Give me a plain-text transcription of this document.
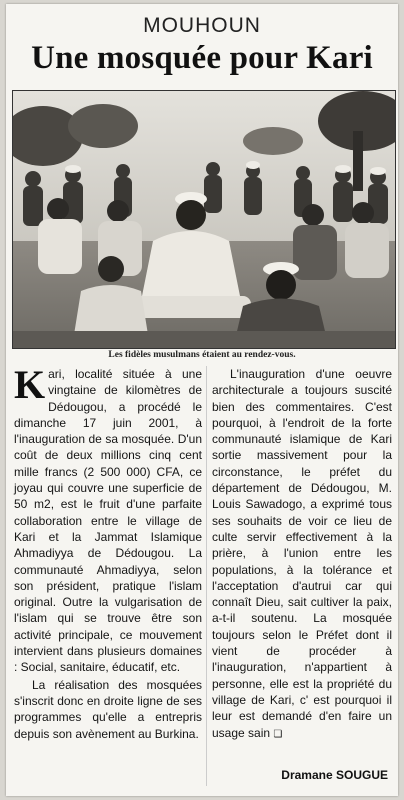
MOUHOUN
Une mosquée pour Kari
Les fidèles musulmans étaient au rendez-vous.

Kari, localité située à une vingtaine de kilomètres de Dédougou, a procédé le dimanche 17 juin 2001, à l'inauguration de sa mosquée. D'un coût de deux millions cinq cent mille francs (2 500 000) CFA, ce joyau qui couvre une superficie de 50 m2, est le fruit d'une parfaite collaboration entre le village de Kari et la Jammat Islamique Ahmadiyya de Dédougou. La communauté Ahmadiyya, selon son président, pratique l'islam original. Outre la vulgarisation de l'islam qui se trouve être son activité principale, ce mouvement intervient dans plusieurs domaines : Social, sanitaire, éducatif, etc.

La réalisation des mosquées s'inscrit donc en droite ligne de ses programmes qu'elle a entrepris depuis son avènement au Burkina.

L'inauguration d'une oeuvre architecturale a toujours suscité bien des commentaires. C'est pourquoi, à l'endroit de la forte communauté islamique de Kari sortie massivement pour la circonstance, le préfet du département de Dédougou, M. Louis Sawadogo, a exprimé tous ses souhaits de voir ce lieu de culte servir effectivement à la prière, à l'union entre les populations, à la tolérance et l'acceptation d'autrui car qui connaît Dieu, sait cultiver la paix, a-t-il soutenu. La mosquée toujours selon le Préfet dont il vient de procéder à l'inauguration, n'appartient à personne, elle est la propriété du village de Kari, c' est pourquoi il leur est demandé d'en faire un usage sain ❏

Dramane SOUGUE
